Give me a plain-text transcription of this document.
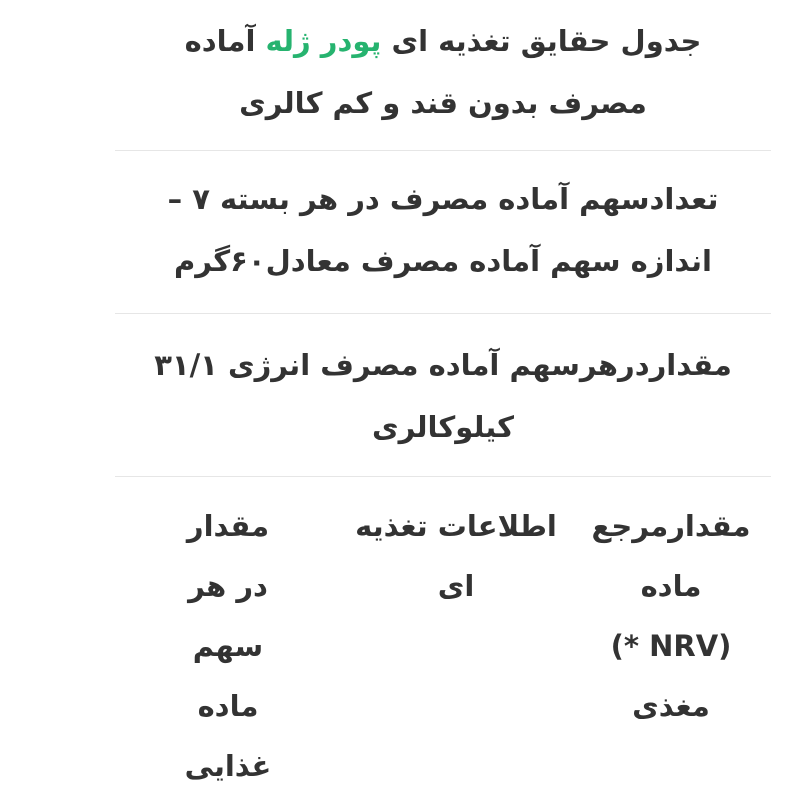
جدول حقایق تغذیه ای پودر ژله آماده
مصرف بدون قند و کم کالری
تعدادسهم آماده مصرف در هر بسته ۷ –
اندازه سهم آماده مصرف معادل۶۰گرم
مقداردرهرسهم آماده مصرف انرژی ۳۱/۱
کیلوکالری
مقدارمرجع
ماده
(NRV *)
مغذی
اطلاعات تغذیه
ای
مقدار
در هر
سهم
ماده
غذایی
